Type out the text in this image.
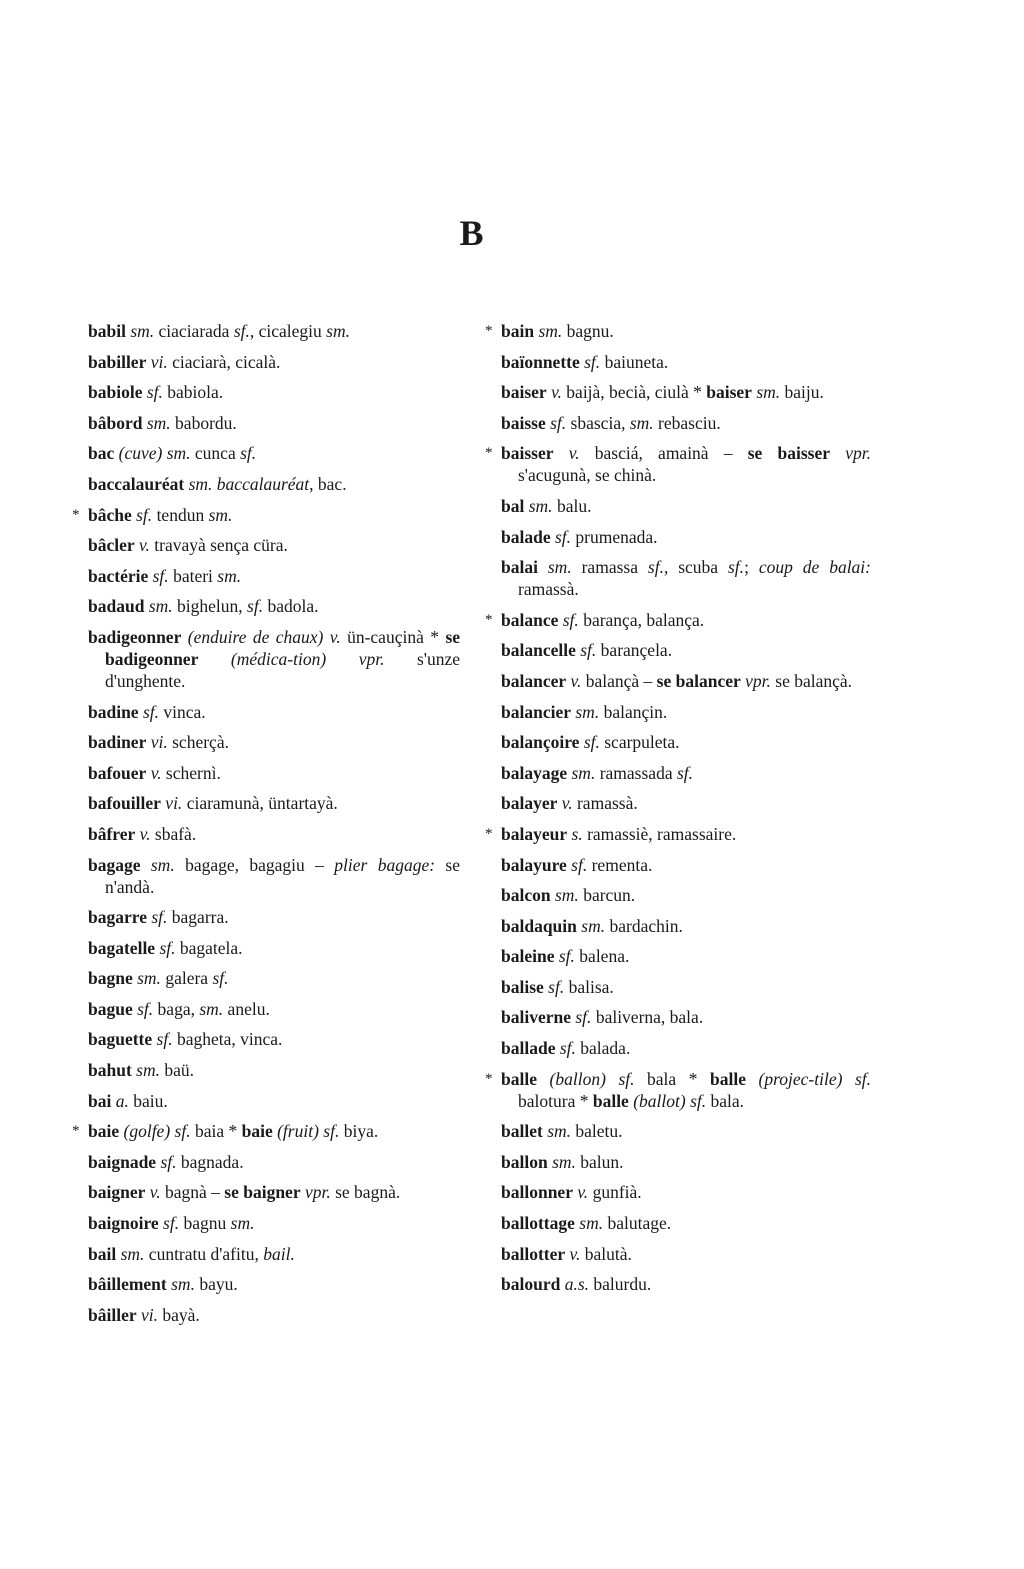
B
babil sm. ciaciarada sf., cicalegiu sm.
babiller vi. ciaciarà, cicalà.
babiole sf. babiola.
bâbord sm. babordu.
bac (cuve) sm. cunca sf.
baccalauréat sm. baccalauréat, bac.
* bâche sf. tendun sm.
bâcler v. travayà sença cüra.
bactérie sf. bateri sm.
badaud sm. bighelun, sf. badola.
badigeonner (enduire de chaux) v. ün-cauçinà * se badigeonner (médica-tion) vpr. s'unze d'unghente.
badine sf. vinca.
badiner vi. scherçà.
bafouer v. schernì.
bafouiller vi. ciaramunà, üntartayà.
bâfrer v. sbafà.
bagage sm. bagage, bagagiu – plier bagage: se n'andà.
bagarre sf. bagarra.
bagatelle sf. bagatela.
bagne sm. galera sf.
bague sf. baga, sm. anelu.
baguette sf. bagheta, vinca.
bahut sm. baü.
bai a. baiu.
* baie (golfe) sf. baia * baie (fruit) sf. biya.
baignade sf. bagnada.
baigner v. bagnà – se baigner vpr. se bagnà.
baignoire sf. bagnu sm.
bail sm. cuntratu d'afitu, bail.
bâillement sm. bayu.
bâiller vi. bayà.
* bain sm. bagnu.
baïonnette sf. baiuneta.
baiser v. baijà, becià, ciulà * baiser sm. baiju.
baisse sf. sbascia, sm. rebasciu.
* baisser v. basciá, amainà – se baisser vpr. s'acugunà, se chinà.
bal sm. balu.
balade sf. prumenada.
balai sm. ramassa sf., scuba sf.; coup de balai: ramassà.
* balance sf. barança, balança.
balancelle sf. barançela.
balancer v. balançà – se balancer vpr. se balançà.
balancier sm. balançin.
balançoire sf. scarpuleta.
balayage sm. ramassada sf.
balayer v. ramassà.
* balayeur s. ramassiè, ramassaire.
balayure sf. rementa.
balcon sm. barcun.
baldaquin sm. bardachin.
baleine sf. balena.
balise sf. balisa.
baliverne sf. baliverna, bala.
ballade sf. balada.
* balle (ballon) sf. bala * balle (projec-tile) sf. balotura * balle (ballot) sf. bala.
ballet sm. baletu.
ballon sm. balun.
ballonner v. gunfià.
ballottage sm. balutage.
ballotter v. balutà.
balourd a.s. balurdu.
